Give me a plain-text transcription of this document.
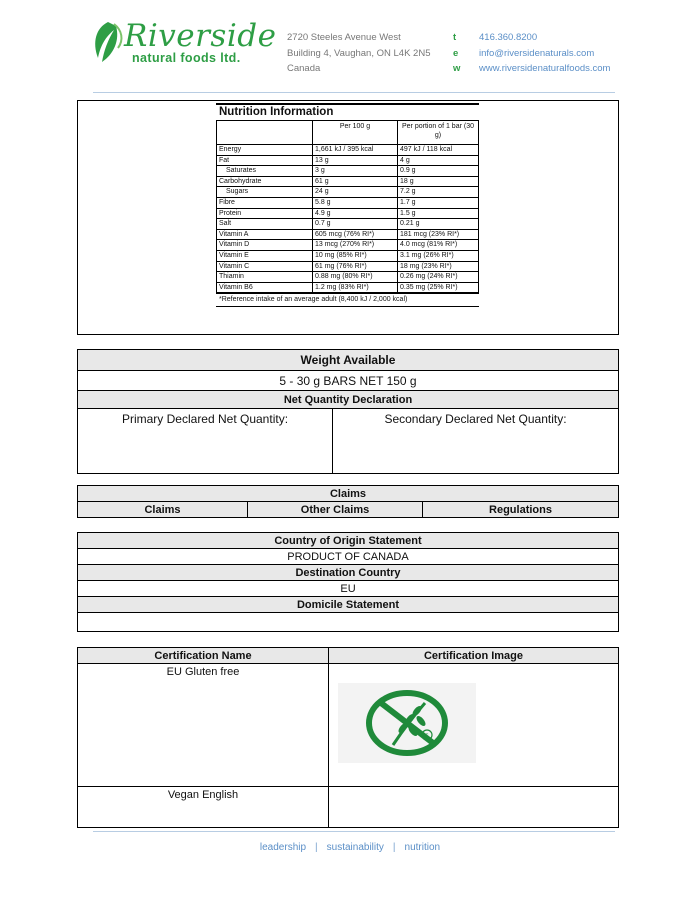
Riverside
natural foods ltd.
2720 Steeles Avenue West
Building 4, Vaughan, ON L4K 2N5
Canada
t 416.360.8200
e info@riversidenaturals.com
w www.riversidenaturalfoods.com
Nutrition Information
	Per 100 g	Per portion of 1 bar (30 g)
Energy	1,661 kJ / 395 kcal	497 kJ / 118 kcal
Fat	13 g	4 g
Saturates	3 g	0.9 g
Carbohydrate	61 g	18 g
Sugars	24 g	7.2 g
Fibre	5.8 g	1.7 g
Protein	4.9 g	1.5 g
Salt	0.7 g	0.21 g
Vitamin A	605 mcg (76% RI*)	181 mcg (23% RI*)
Vitamin D	13 mcg (270% RI*)	4.0 mcg (81% RI*)
Vitamin E	10 mg (85% RI*)	3.1 mg (26% RI*)
Vitamin C	61 mg (76% RI*)	18 mg (23% RI*)
Thiamin	0.88 mg (80% RI*)	0.26 mg (24% RI*)
Vitamin B6	1.2 mg (83% RI*)	0.35 mg (25% RI*)
*Reference intake of an average adult (8,400 kJ / 2,000 kcal)
Weight Available
5 - 30 g BARS NET 150 g
Net Quantity Declaration
Primary Declared Net Quantity:	Secondary Declared Net Quantity:
Claims
Claims	Other Claims	Regulations
Country of Origin Statement
PRODUCT OF CANADA
Destination Country
EU
Domicile Statement

Certification Name	Certification Image
EU Gluten free	c

Vegan English	
leadership | sustainability | nutrition
